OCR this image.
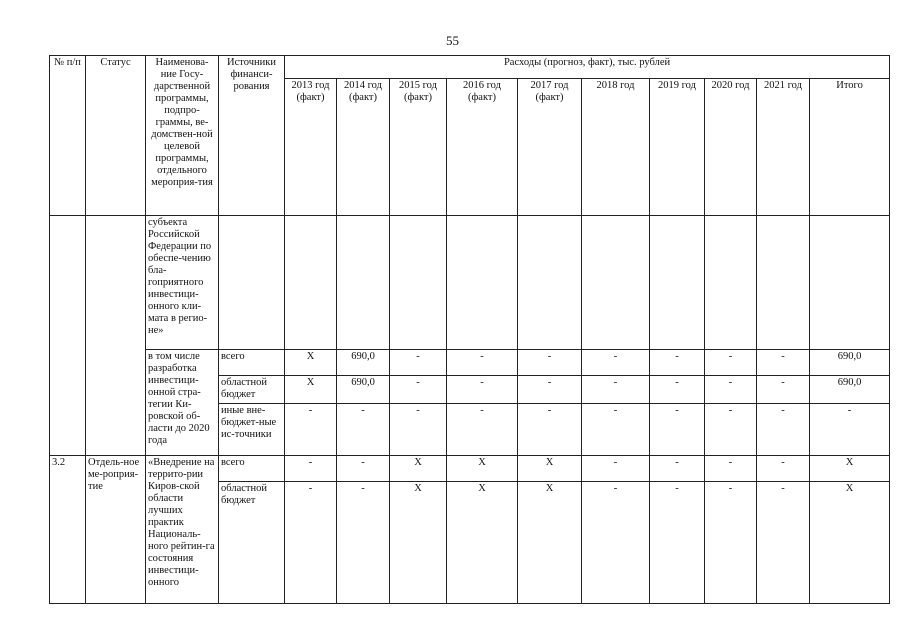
55
№ п/п	Статус	Наименова-ние Госу-дарственной программы, подпро-граммы, ве-домствен-ной целевой программы, отдельного мероприя-тия	Источники финанси-рования	Расходы (прогноз, факт), тыс. рублей									
				2013 год (факт)	2014 год (факт)	2015 год (факт)	2016 год (факт)	2017 год (факт)	2018 год	2019 год	2020 год	2021 год	Итого
		субъекта Российской Федерации по обеспе-чению бла-гоприятного инвестици-онного кли-мата в регио-не»											
		в том числе разработка инвестици-онной стра-тегии Ки-ровской об-ласти до 2020 года	всего	X	690,0	-	-	-	-	-	-	-	690,0
			областной бюджет	X	690,0	-	-	-	-	-	-	-	690,0
			иные вне-бюджет-ные ис-точники	-	-	-	-	-	-	-	-	-	-
3.2	Отдель-ное ме-роприя-тие	«Внедрение на террито-рии Киров-ской области лучших практик Националь-ного рейтин-га состояния инвестици-онного	всего	-	-	X	X	X	-	-	-	-	X
			областной бюджет	-	-	X	X	X	-	-	-	-	X
